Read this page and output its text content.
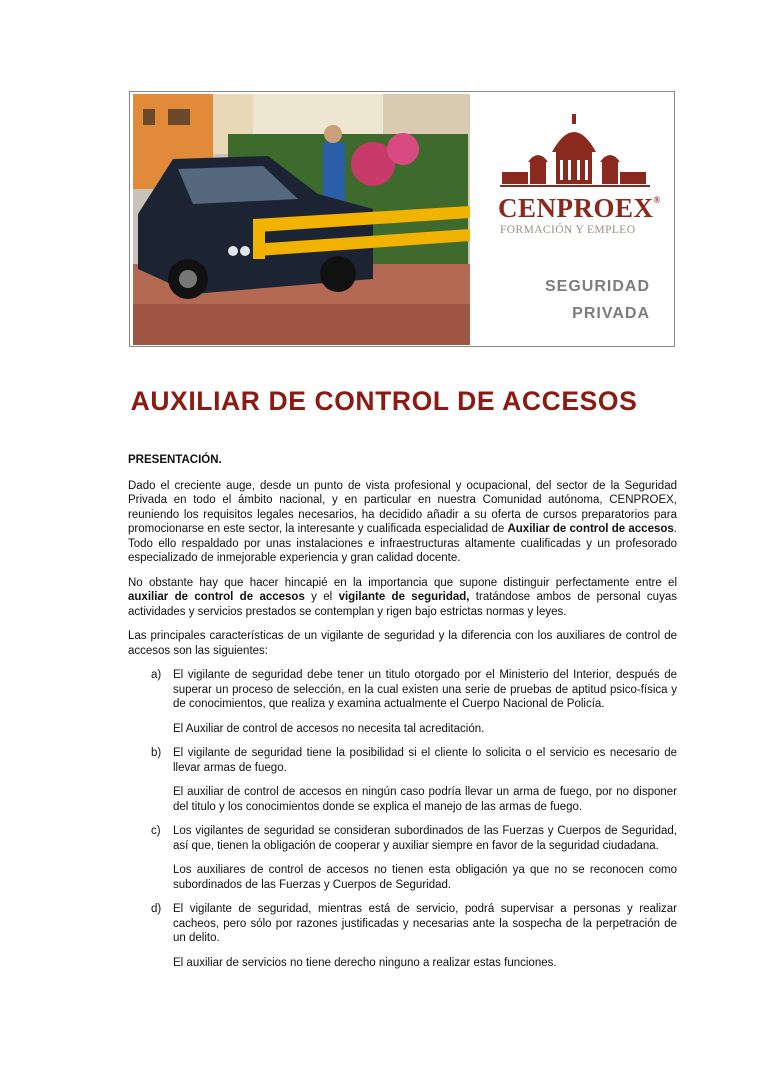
CENPROEX®
FORMACIÓN Y EMPLEO
SEGURIDAD
PRIVADA
AUXILIAR DE CONTROL DE ACCESOS

PRESENTACIÓN.

Dado el creciente auge, desde un punto de vista profesional y ocupacional, del sector de la Seguridad Privada en todo el ámbito nacional, y en particular en nuestra Comunidad autónoma, CENPROEX, reuniendo los requisitos legales necesarios, ha decidido añadir a su oferta de cursos preparatorios para promocionarse en este sector, la interesante y cualificada especialidad de Auxiliar de control de accesos. Todo ello respaldado por unas instalaciones e infraestructuras altamente cualificadas y un profesorado especializado de inmejorable experiencia y gran calidad docente.

No obstante hay que hacer hincapié en la importancia que supone distinguir perfectamente entre el auxiliar de control de accesos y el vigilante de seguridad, tratándose ambos de personal cuyas actividades y servicios prestados se contemplan y rigen bajo estrictas normas y leyes.

Las principales características de un vigilante de seguridad y la diferencia con los auxiliares de control de accesos son las siguientes:

a) El vigilante de seguridad debe tener un titulo otorgado por el Ministerio del Interior, después de superar un proceso de selección, en la cual existen una serie de pruebas de aptitud psico-física y de conocimientos, que realiza y examina actualmente el Cuerpo Nacional de Policía.

El Auxiliar de control de accesos no necesita tal acreditación.

b) El vigilante de seguridad tiene la posibilidad si el cliente lo solicita o el servicio es necesario de llevar armas de fuego.

El auxiliar de control de accesos en ningún caso podría llevar un arma de fuego, por no disponer del titulo y los conocimientos donde se explica el manejo de las armas de fuego.

c) Los vigilantes de seguridad se consideran subordinados de las Fuerzas y Cuerpos de Seguridad, así que, tienen la obligación de cooperar y auxiliar siempre en favor de la seguridad ciudadana.

Los auxiliares de control de accesos no tienen esta obligación ya que no se reconocen como subordinados de las Fuerzas y Cuerpos de Seguridad.

d) El vigilante de seguridad, mientras está de servicio, podrá supervisar a personas y realizar cacheos, pero sólo por razones justificadas y necesarias ante la sospecha de la perpetración de un delito.

El auxiliar de servicios no tiene derecho ninguno a realizar estas funciones.
